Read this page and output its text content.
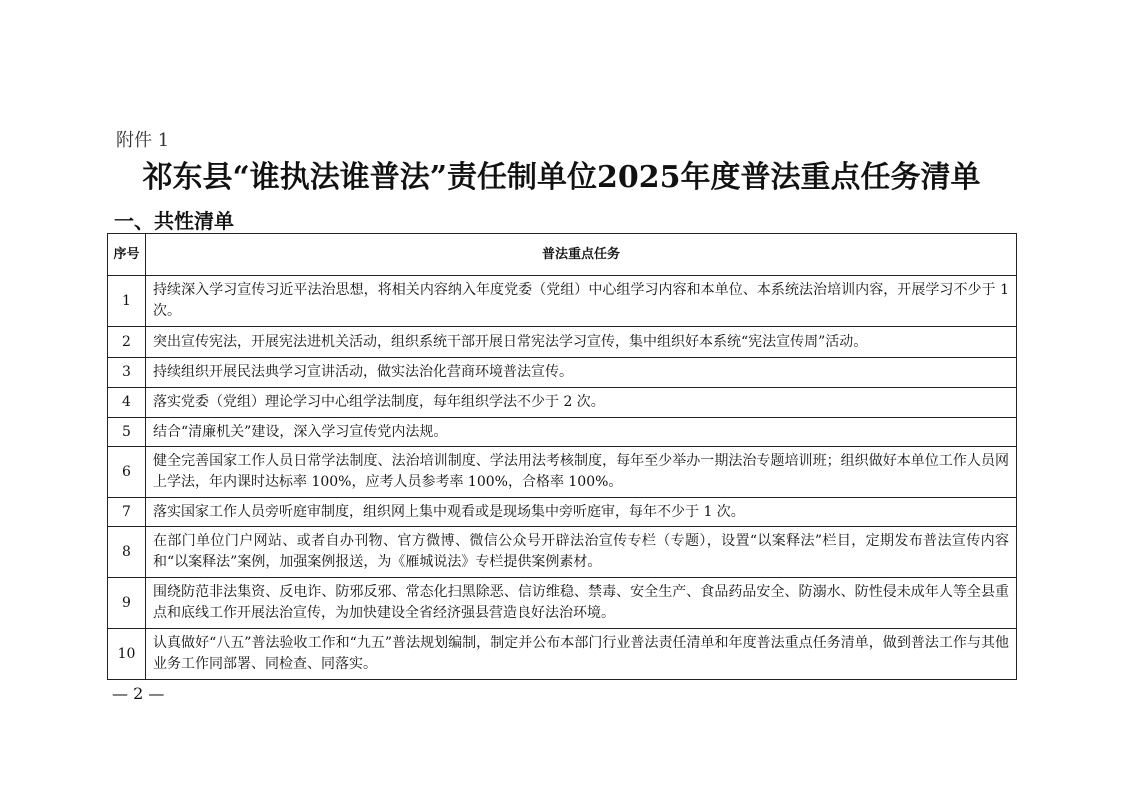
附件 1
祁东县“谁执法谁普法”责任制单位2025年度普法重点任务清单
一、共性清单
序号	普法重点任务
1	持续深入学习宣传习近平法治思想，将相关内容纳入年度党委（党组）中心组学习内容和本单位、本系统法治培训内容，开展学习不少于 1 次。
2	突出宣传宪法，开展宪法进机关活动，组织系统干部开展日常宪法学习宣传，集中组织好本系统“宪法宣传周”活动。
3	持续组织开展民法典学习宣讲活动，做实法治化营商环境普法宣传。
4	落实党委（党组）理论学习中心组学法制度，每年组织学法不少于 2 次。
5	结合“清廉机关”建设，深入学习宣传党内法规。
6	健全完善国家工作人员日常学法制度、法治培训制度、学法用法考核制度，每年至少举办一期法治专题培训班；组织做好本单位工作人员网上学法，年内课时达标率 100%，应考人员参考率 100%，合格率 100%。
7	落实国家工作人员旁听庭审制度，组织网上集中观看或是现场集中旁听庭审，每年不少于 1 次。
8	在部门单位门户网站、或者自办刊物、官方微博、微信公众号开辟法治宣传专栏（专题），设置“以案释法”栏目，定期发布普法宣传内容和“以案释法”案例，加强案例报送，为《雁城说法》专栏提供案例素材。
9	围绕防范非法集资、反电诈、防邪反邪、常态化扫黑除恶、信访维稳、禁毒、安全生产、食品药品安全、防溺水、防性侵未成年人等全县重点和底线工作开展法治宣传，为加快建设全省经济强县营造良好法治环境。
10	认真做好“八五”普法验收工作和“九五”普法规划编制，制定并公布本部门行业普法责任清单和年度普法重点任务清单，做到普法工作与其他业务工作同部署、同检查、同落实。
— 2 —
